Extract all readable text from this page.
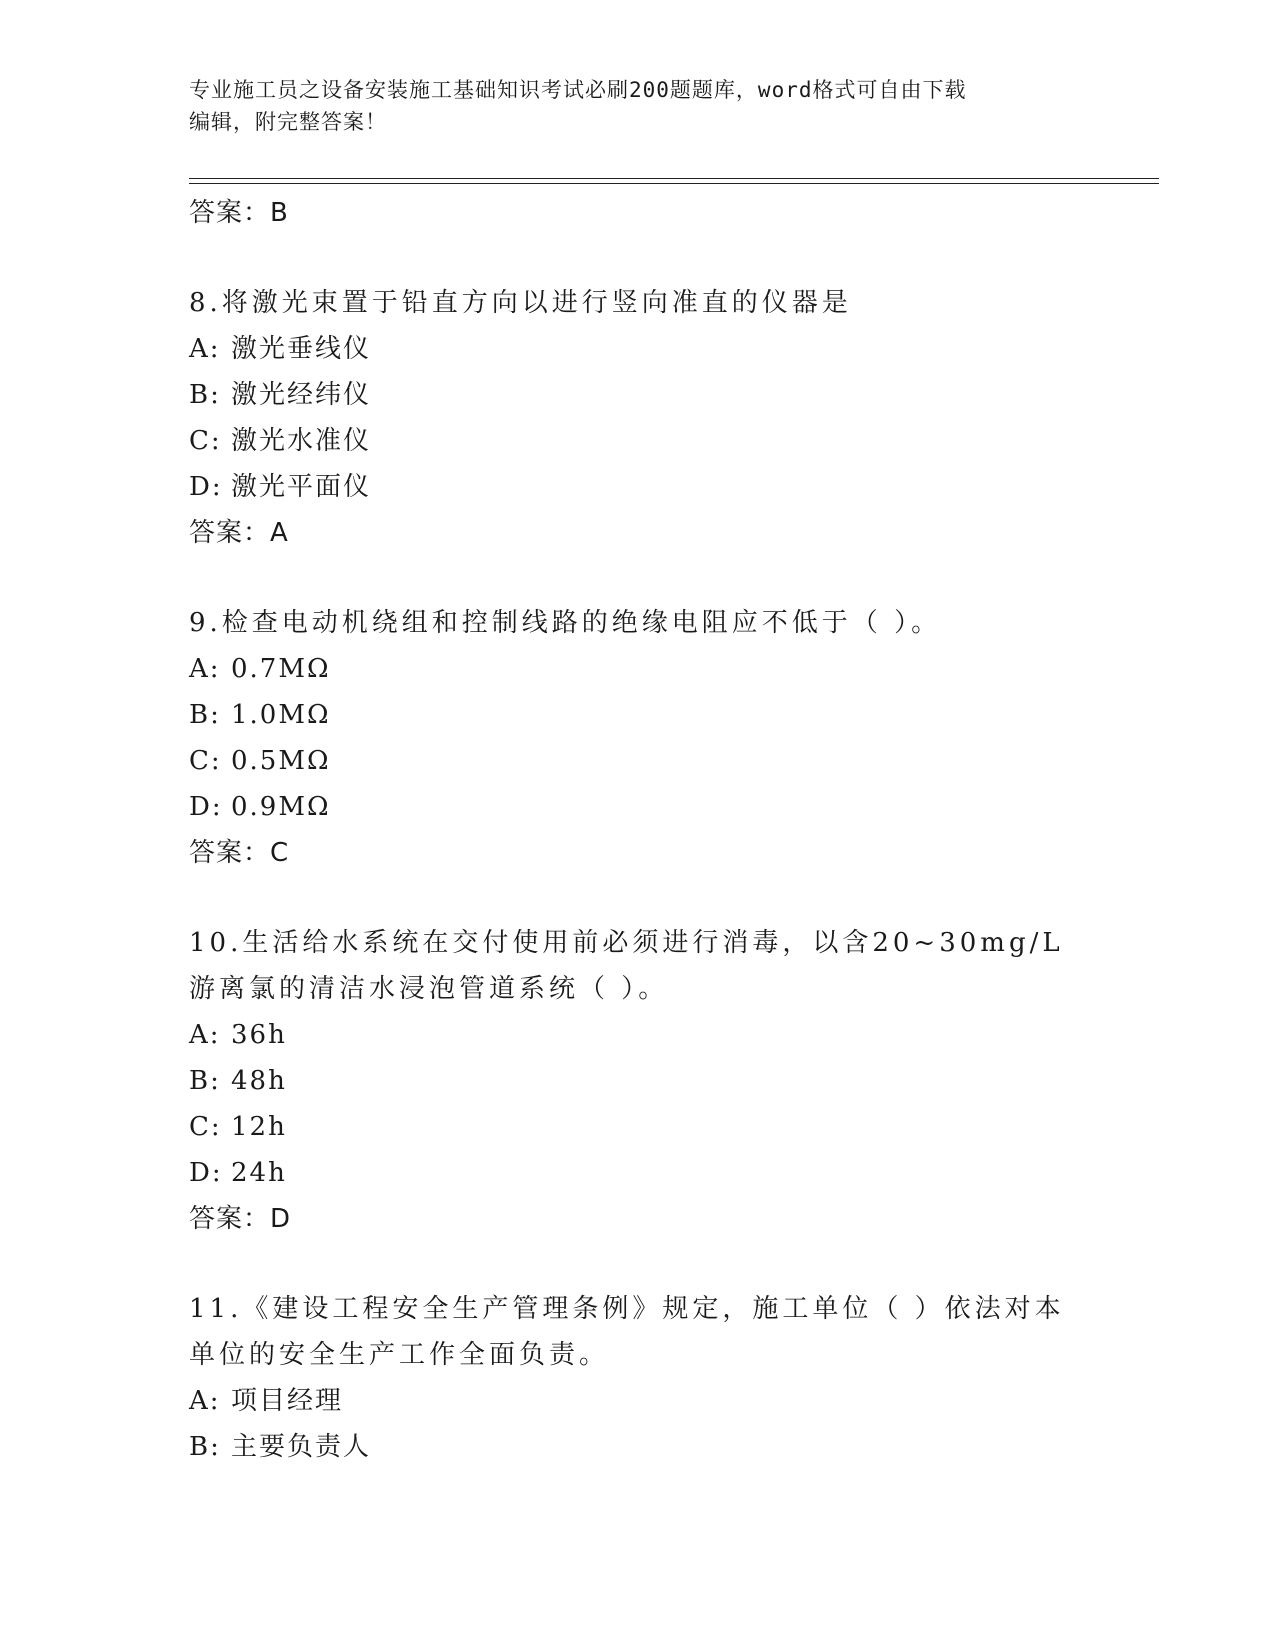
专业施工员之设备安装施工基础知识考试必刷200题题库，word格式可自由下载
编辑，附完整答案！
答案：B
8.将激光束置于铅直方向以进行竖向准直的仪器是
A: 激光垂线仪
B: 激光经纬仪
C: 激光水准仪
D: 激光平面仪
答案：A
9.检查电动机绕组和控制线路的绝缘电阻应不低于（ ）。
A: 0.7MΩ
B: 1.0MΩ
C: 0.5MΩ
D: 0.9MΩ
答案：C
10.生活给水系统在交付使用前必须进行消毒，以含20~30mg/L游离氯的清洁水浸泡管道系统（ ）。
A: 36h
B: 48h
C: 12h
D: 24h
答案：D
11.《建设工程安全生产管理条例》规定，施工单位（ ）依法对本单位的安全生产工作全面负责。
A: 项目经理
B: 主要负责人
